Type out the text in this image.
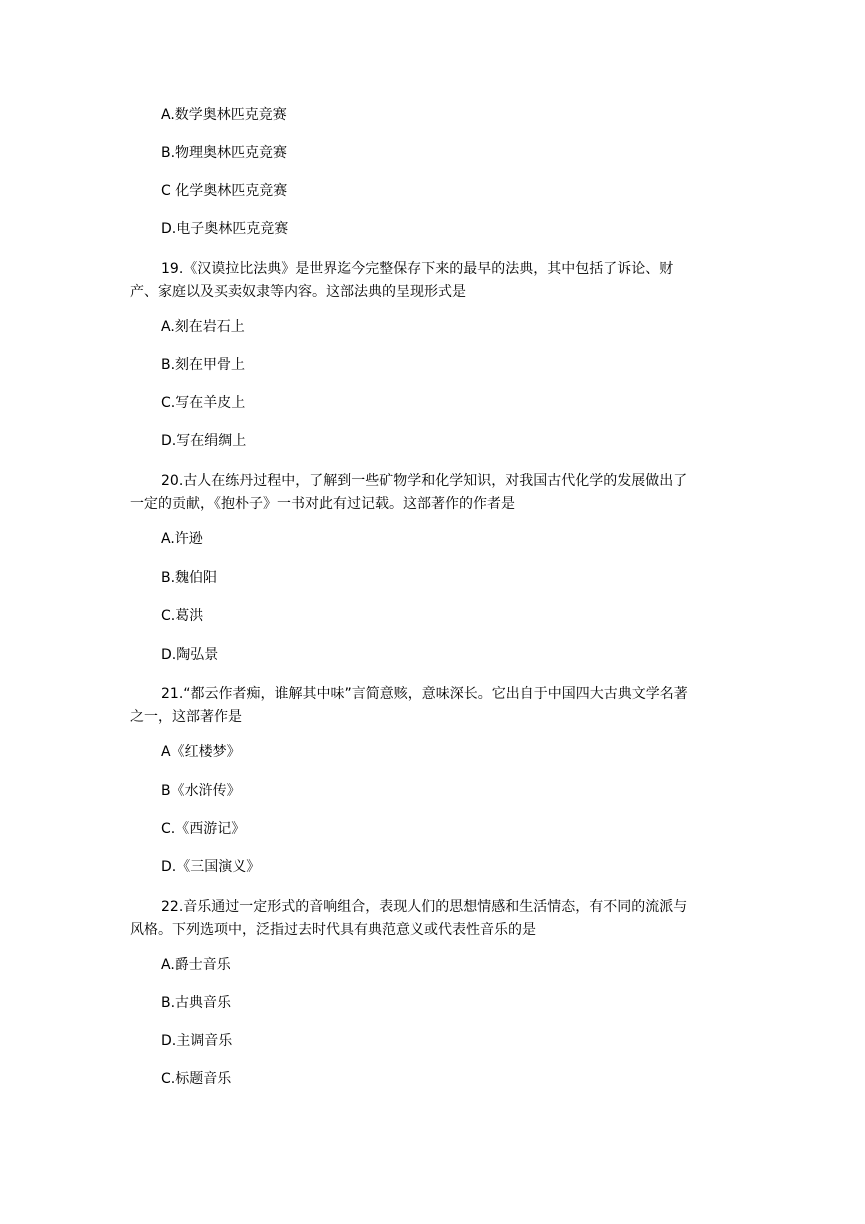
A.数学奥林匹克竞赛
B.物理奥林匹克竞赛
C 化学奥林匹克竞赛
D.电子奥林匹克竞赛
19.《汉谟拉比法典》是世界迄今完整保存下来的最早的法典，其中包括了诉论、财
产、家庭以及买卖奴隶等内容。这部法典的呈现形式是
A.刻在岩石上
B.刻在甲骨上
C.写在羊皮上
D.写在绢绸上
20.古人在练丹过程中，了解到一些矿物学和化学知识，对我国古代化学的发展做出了
一定的贡献，《抱朴子》一书对此有过记载。这部著作的作者是
A.许逊
B.魏伯阳
C.葛洪
D.陶弘景
21.“都云作者痴，谁解其中味”言简意赅，意味深长。它出自于中国四大古典文学名著
之一，这部著作是
A《红楼梦》
B《水浒传》
C.《西游记》
D.《三国演义》
22.音乐通过一定形式的音响组合，表现人们的思想情感和生活情态，有不同的流派与
风格。下列选项中，泛指过去时代具有典范意义或代表性音乐的是
A.爵士音乐
B.古典音乐
D.主调音乐
C.标题音乐
